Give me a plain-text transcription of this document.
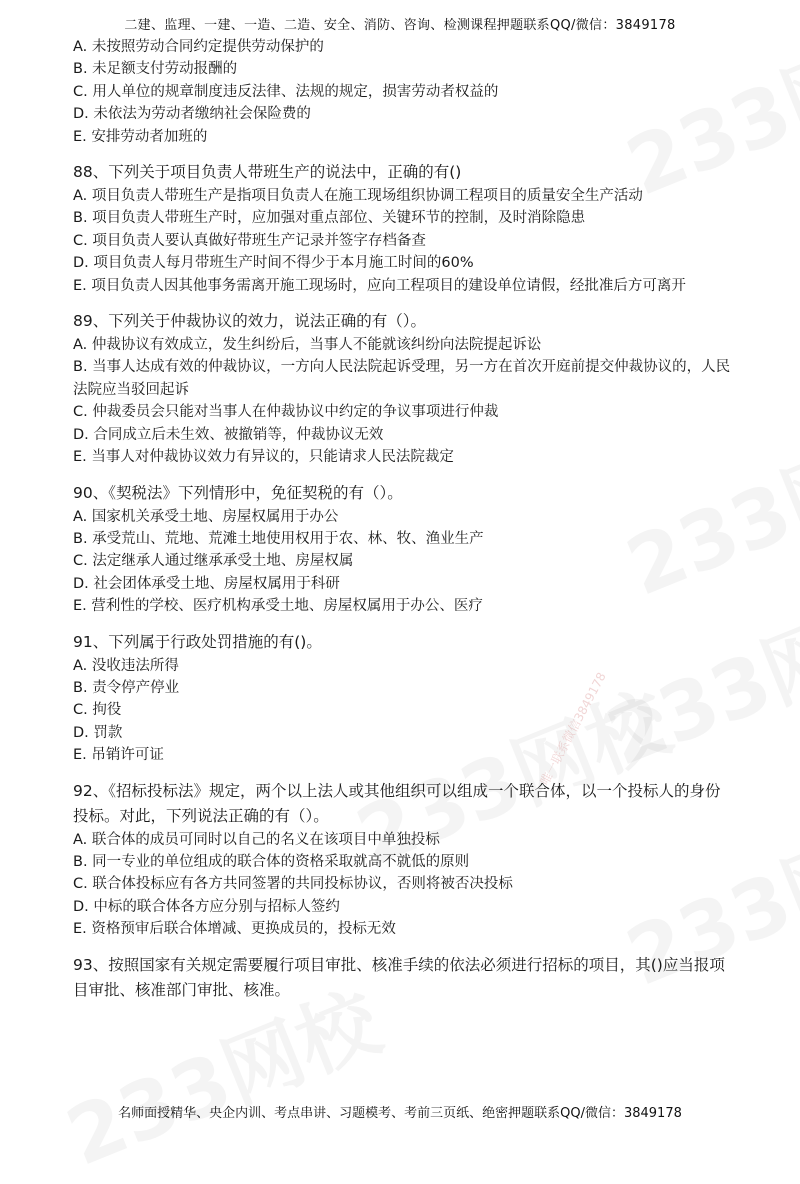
唯一联系微信3849178
二建、监理、一建、一造、二造、安全、消防、咨询、检测课程押题联系QQ/微信：3849178

A. 未按照劳动合同约定提供劳动保护的

B. 未足额支付劳动报酬的

C. 用人单位的规章制度违反法律、法规的规定，损害劳动者权益的

D. 未依法为劳动者缴纳社会保险费的

E. 安排劳动者加班的

88、下列关于项目负责人带班生产的说法中，正确的有()

A. 项目负责人带班生产是指项目负责人在施工现场组织协调工程项目的质量安全生产活动

B. 项目负责人带班生产时，应加强对重点部位、关键环节的控制，及时消除隐患

C. 项目负责人要认真做好带班生产记录并签字存档备查

D. 项目负责人每月带班生产时间不得少于本月施工时间的60%

E. 项目负责人因其他事务需离开施工现场时，应向工程项目的建设单位请假，经批准后方可离开

89、下列关于仲裁协议的效力，说法正确的有（）。

A. 仲裁协议有效成立，发生纠纷后，当事人不能就该纠纷向法院提起诉讼

B. 当事人达成有效的仲裁协议，一方向人民法院起诉受理，另一方在首次开庭前提交仲裁协议的，人民法院应当驳回起诉

C. 仲裁委员会只能对当事人在仲裁协议中约定的争议事项进行仲裁

D. 合同成立后未生效、被撤销等，仲裁协议无效

E. 当事人对仲裁协议效力有异议的，只能请求人民法院裁定

90、《契税法》下列情形中，免征契税的有（）。

A. 国家机关承受土地、房屋权属用于办公

B. 承受荒山、荒地、荒滩土地使用权用于农、林、牧、渔业生产

C. 法定继承人通过继承承受土地、房屋权属

D. 社会团体承受土地、房屋权属用于科研

E. 营利性的学校、医疗机构承受土地、房屋权属用于办公、医疗

91、下列属于行政处罚措施的有()。

A. 没收违法所得

B. 责令停产停业

C. 拘役

D. 罚款

E. 吊销许可证

92、《招标投标法》规定，两个以上法人或其他组织可以组成一个联合体，以一个投标人的身份投标。对此，下列说法正确的有（）。

A. 联合体的成员可同时以自己的名义在该项目中单独投标

B. 同一专业的单位组成的联合体的资格采取就高不就低的原则

C. 联合体投标应有各方共同签署的共同投标协议，否则将被否决投标

D. 中标的联合体各方应分别与招标人签约

E. 资格预审后联合体增减、更换成员的，投标无效

93、按照国家有关规定需要履行项目审批、核准手续的依法必须进行招标的项目，其()应当报项目审批、核准部门审批、核准。

名师面授精华、央企内训、考点串讲、习题模考、考前三页纸、绝密押题联系QQ/微信：3849178
